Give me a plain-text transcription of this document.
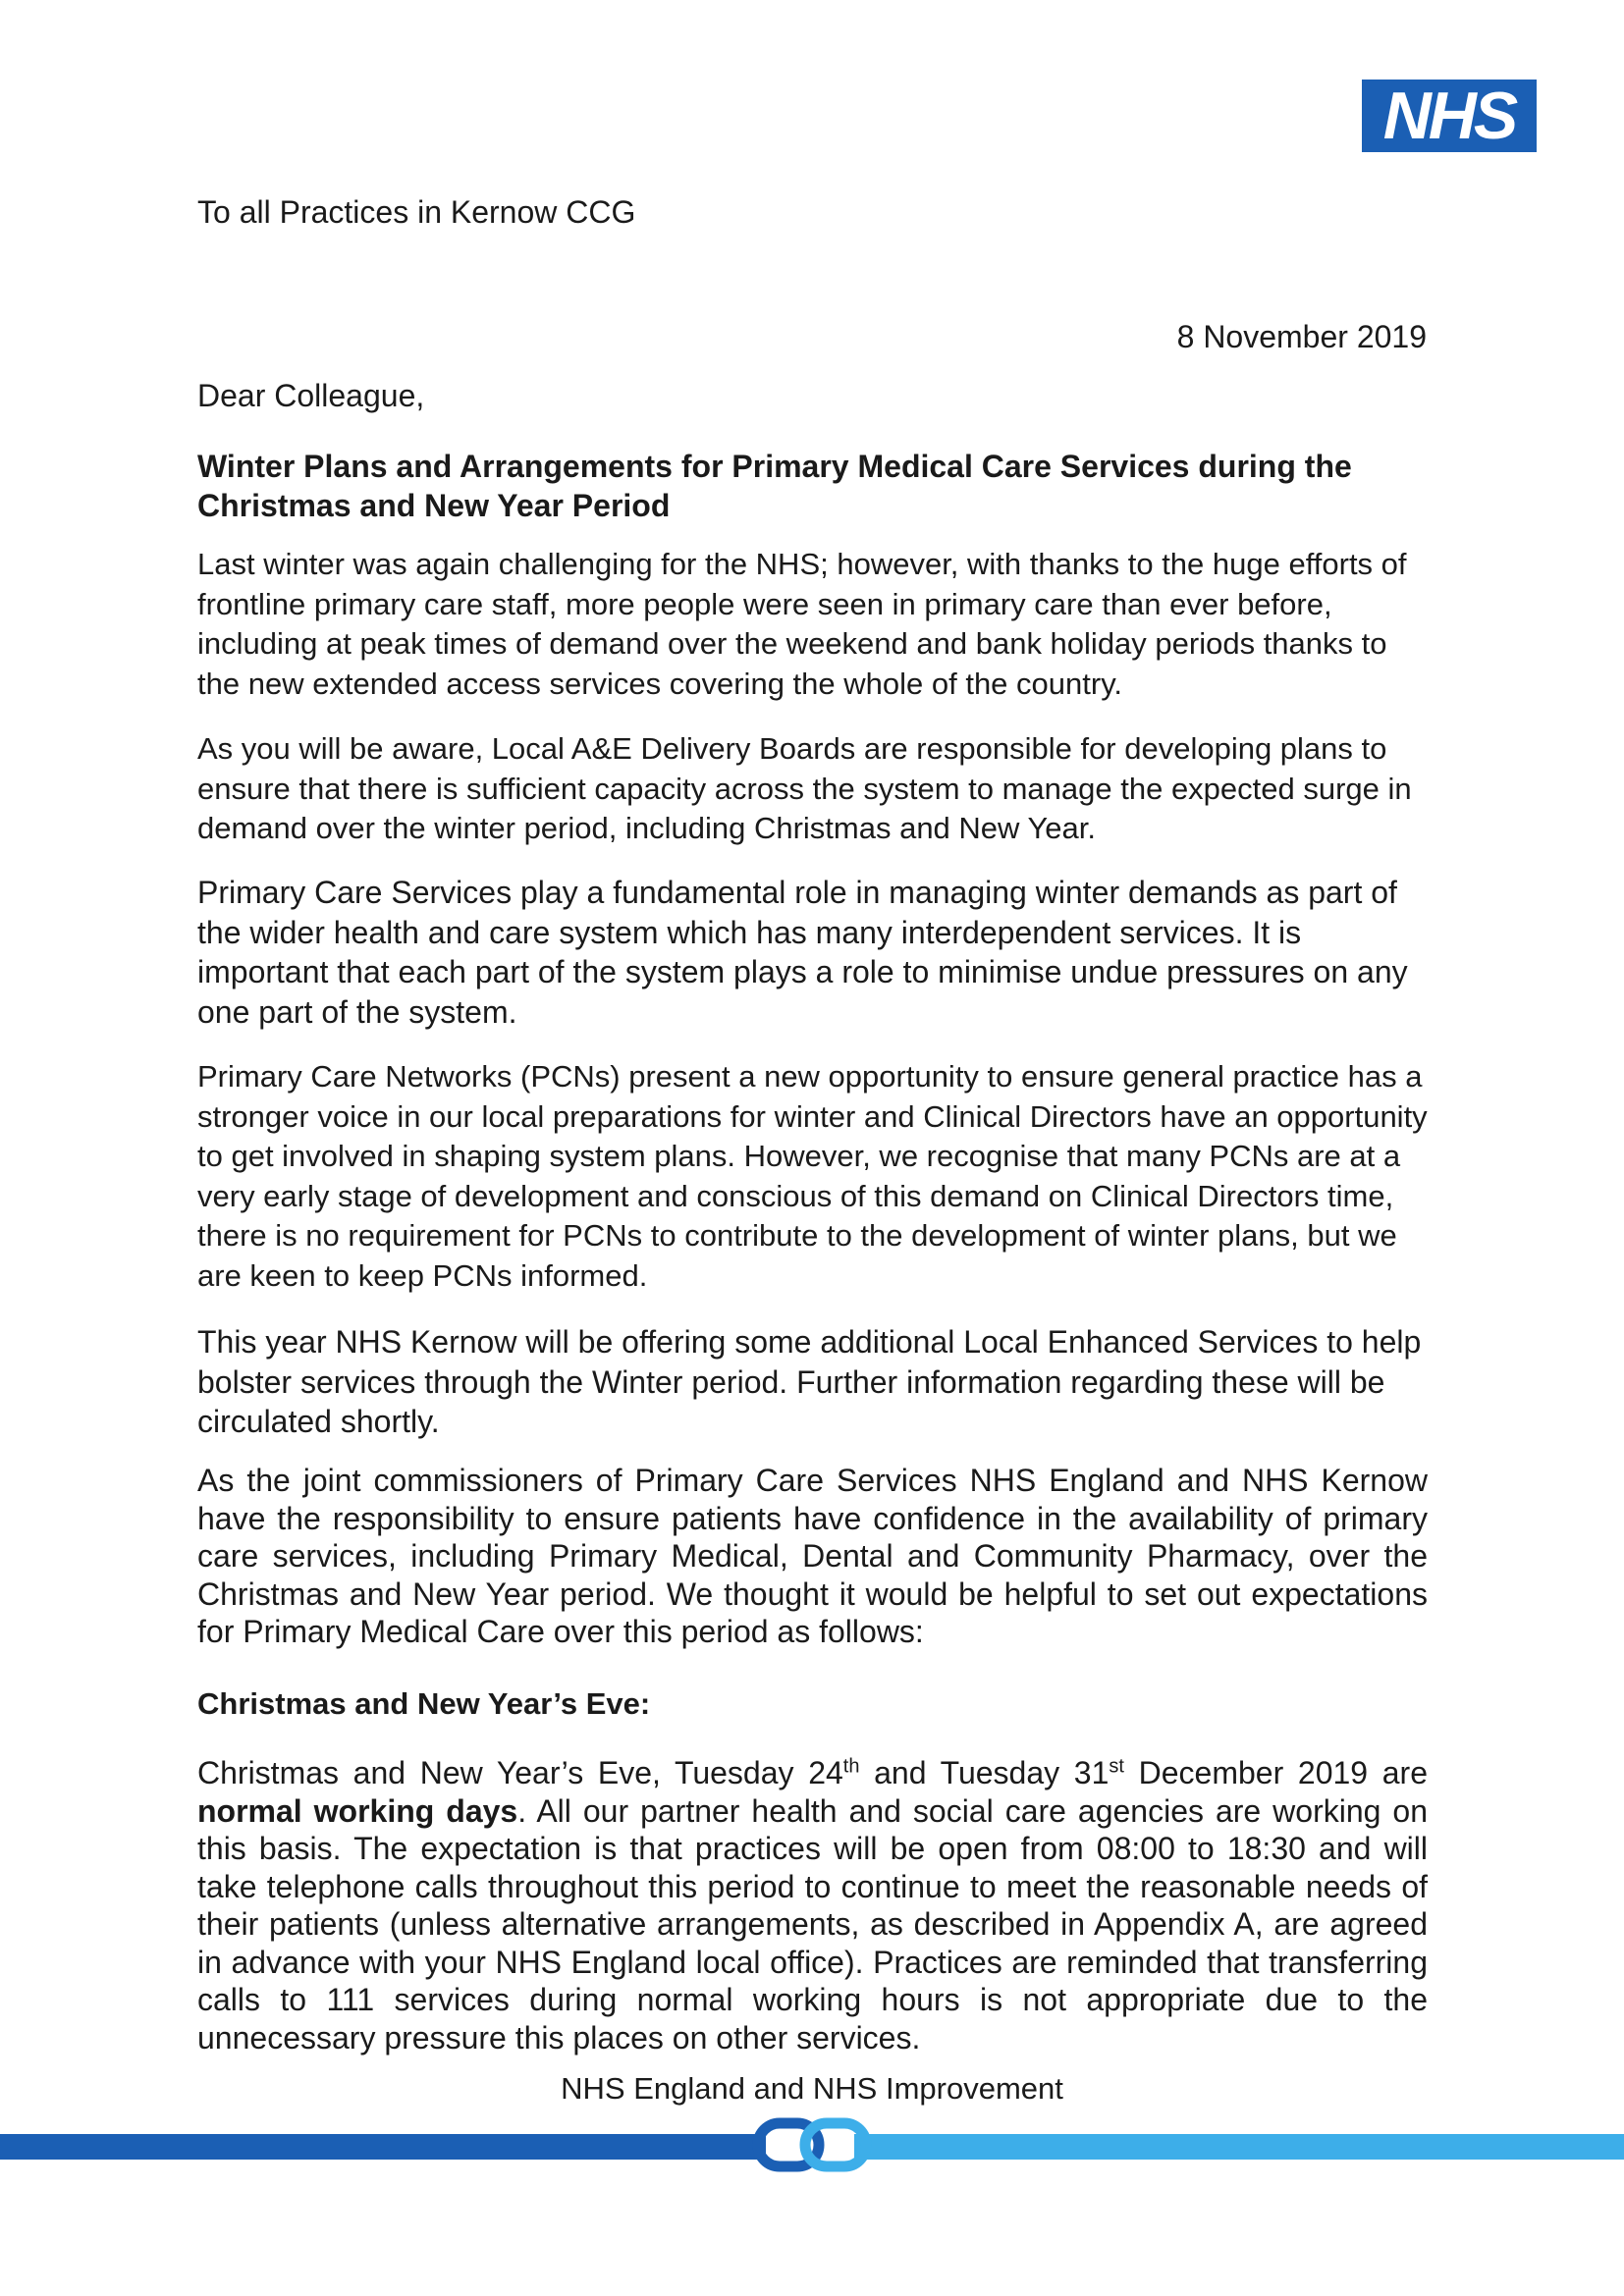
NHS
To all Practices in Kernow CCG
8 November 2019
Dear Colleague,
Winter Plans and Arrangements for Primary Medical Care Services during the Christmas and New Year Period

Last winter was again challenging for the NHS; however, with thanks to the huge efforts of frontline primary care staff, more people were seen in primary care than ever before, including at peak times of demand over the weekend and bank holiday periods thanks to the new extended access services covering the whole of the country.

As you will be aware, Local A&E Delivery Boards are responsible for developing plans to ensure that there is sufficient capacity across the system to manage the expected surge in demand over the winter period, including Christmas and New Year.

Primary Care Services play a fundamental role in managing winter demands as part of the wider health and care system which has many interdependent services. It is important that each part of the system plays a role to minimise undue pressures on any one part of the system.

Primary Care Networks (PCNs) present a new opportunity to ensure general practice has a stronger voice in our local preparations for winter and Clinical Directors have an opportunity to get involved in shaping system plans. However, we recognise that many PCNs are at a very early stage of development and conscious of this demand on Clinical Directors time, there is no requirement for PCNs to contribute to the development of winter plans, but we are keen to keep PCNs informed.

This year NHS Kernow will be offering some additional Local Enhanced Services to help bolster services through the Winter period. Further information regarding these will be circulated shortly.

As the joint commissioners of Primary Care Services NHS England and NHS Kernow have the responsibility to ensure patients have confidence in the availability of primary care services, including Primary Medical, Dental and Community Pharmacy, over the Christmas and New Year period. We thought it would be helpful to set out expectations for Primary Medical Care over this period as follows:

Christmas and New Year’s Eve:

Christmas and New Year’s Eve, Tuesday 24th and Tuesday 31st December 2019 are normal working days. All our partner health and social care agencies are working on this basis. The expectation is that practices will be open from 08:00 to 18:30 and will take telephone calls throughout this period to continue to meet the reasonable needs of their patients (unless alternative arrangements, as described in Appendix A, are agreed in advance with your NHS England local office). Practices are reminded that transferring calls to 111 services during normal working hours is not appropriate due to the unnecessary pressure this places on other services.

NHS England and NHS Improvement
